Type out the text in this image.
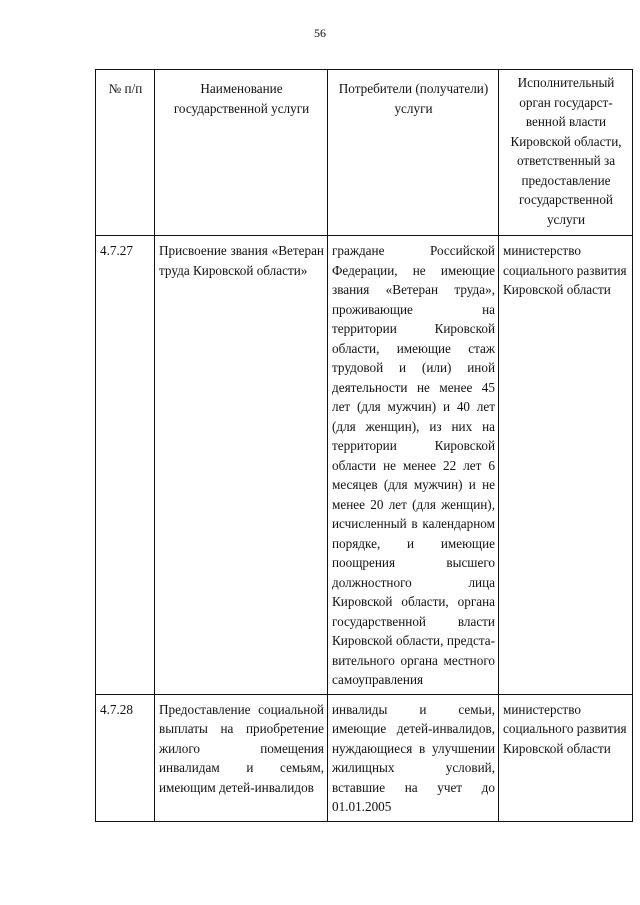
56
№ п/п	Наименование государственной услуги	Потребители (получатели) услуги	Исполнительный орган государственной власти Кировской области, ответственный за предоставление государственной услуги
4.7.27	Присвоение звания «Ветеран труда Кировской области»	граждане Российской Федерации, не имеющие звания «Ветеран труда», проживающие на территории Кировской области, имеющие стаж трудовой и (или) иной деятельности не менее 45 лет (для мужчин) и 40 лет (для женщин), из них на территории Кировской области не менее 22 лет 6 месяцев (для мужчин) и не менее 20 лет (для женщин), исчисленный в календарном порядке, и имеющие поощрения высшего должностного лица Кировской области, органа государственной власти Кировской области, представительного органа местного самоуправления	министерство социального развития Кировской области
4.7.28	Предоставление социальной выплаты на приобретение жилого помещения инвалидам и семьям, имеющим детей-инвалидов	инвалиды и семьи, имеющие детей-инвалидов, нуждающиеся в улучшении жилищных условий, вставшие на учет до 01.01.2005	министерство социального развития Кировской области
